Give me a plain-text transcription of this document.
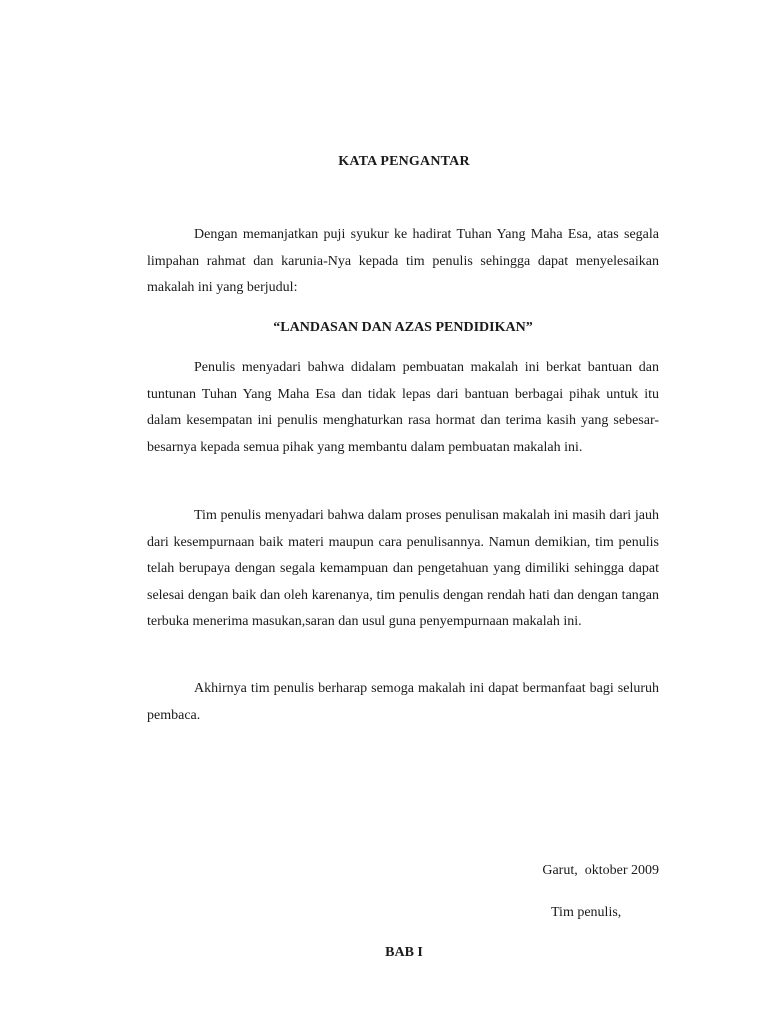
KATA PENGANTAR

Dengan memanjatkan puji syukur ke hadirat Tuhan Yang Maha Esa, atas segala limpahan rahmat dan karunia-Nya kepada tim penulis sehingga dapat menyelesaikan makalah ini yang berjudul:

“LANDASAN DAN AZAS PENDIDIKAN”

Penulis menyadari bahwa didalam pembuatan makalah ini berkat bantuan dan tuntunan Tuhan Yang Maha Esa dan tidak lepas dari bantuan berbagai pihak untuk itu dalam kesempatan ini penulis menghaturkan rasa hormat dan terima kasih yang sebesar-besarnya kepada semua pihak yang membantu dalam pembuatan makalah ini.

Tim penulis menyadari bahwa dalam proses penulisan makalah ini masih dari jauh dari kesempurnaan baik materi maupun cara penulisannya. Namun demikian, tim penulis telah berupaya dengan segala kemampuan dan pengetahuan yang dimiliki sehingga dapat selesai dengan baik dan oleh karenanya, tim penulis dengan rendah hati dan dengan tangan terbuka menerima masukan,saran dan usul guna penyempurnaan makalah ini.

Akhirnya tim penulis berharap semoga makalah ini dapat bermanfaat bagi seluruh pembaca.

Garut,  oktober 2009
Tim penulis,
BAB I
